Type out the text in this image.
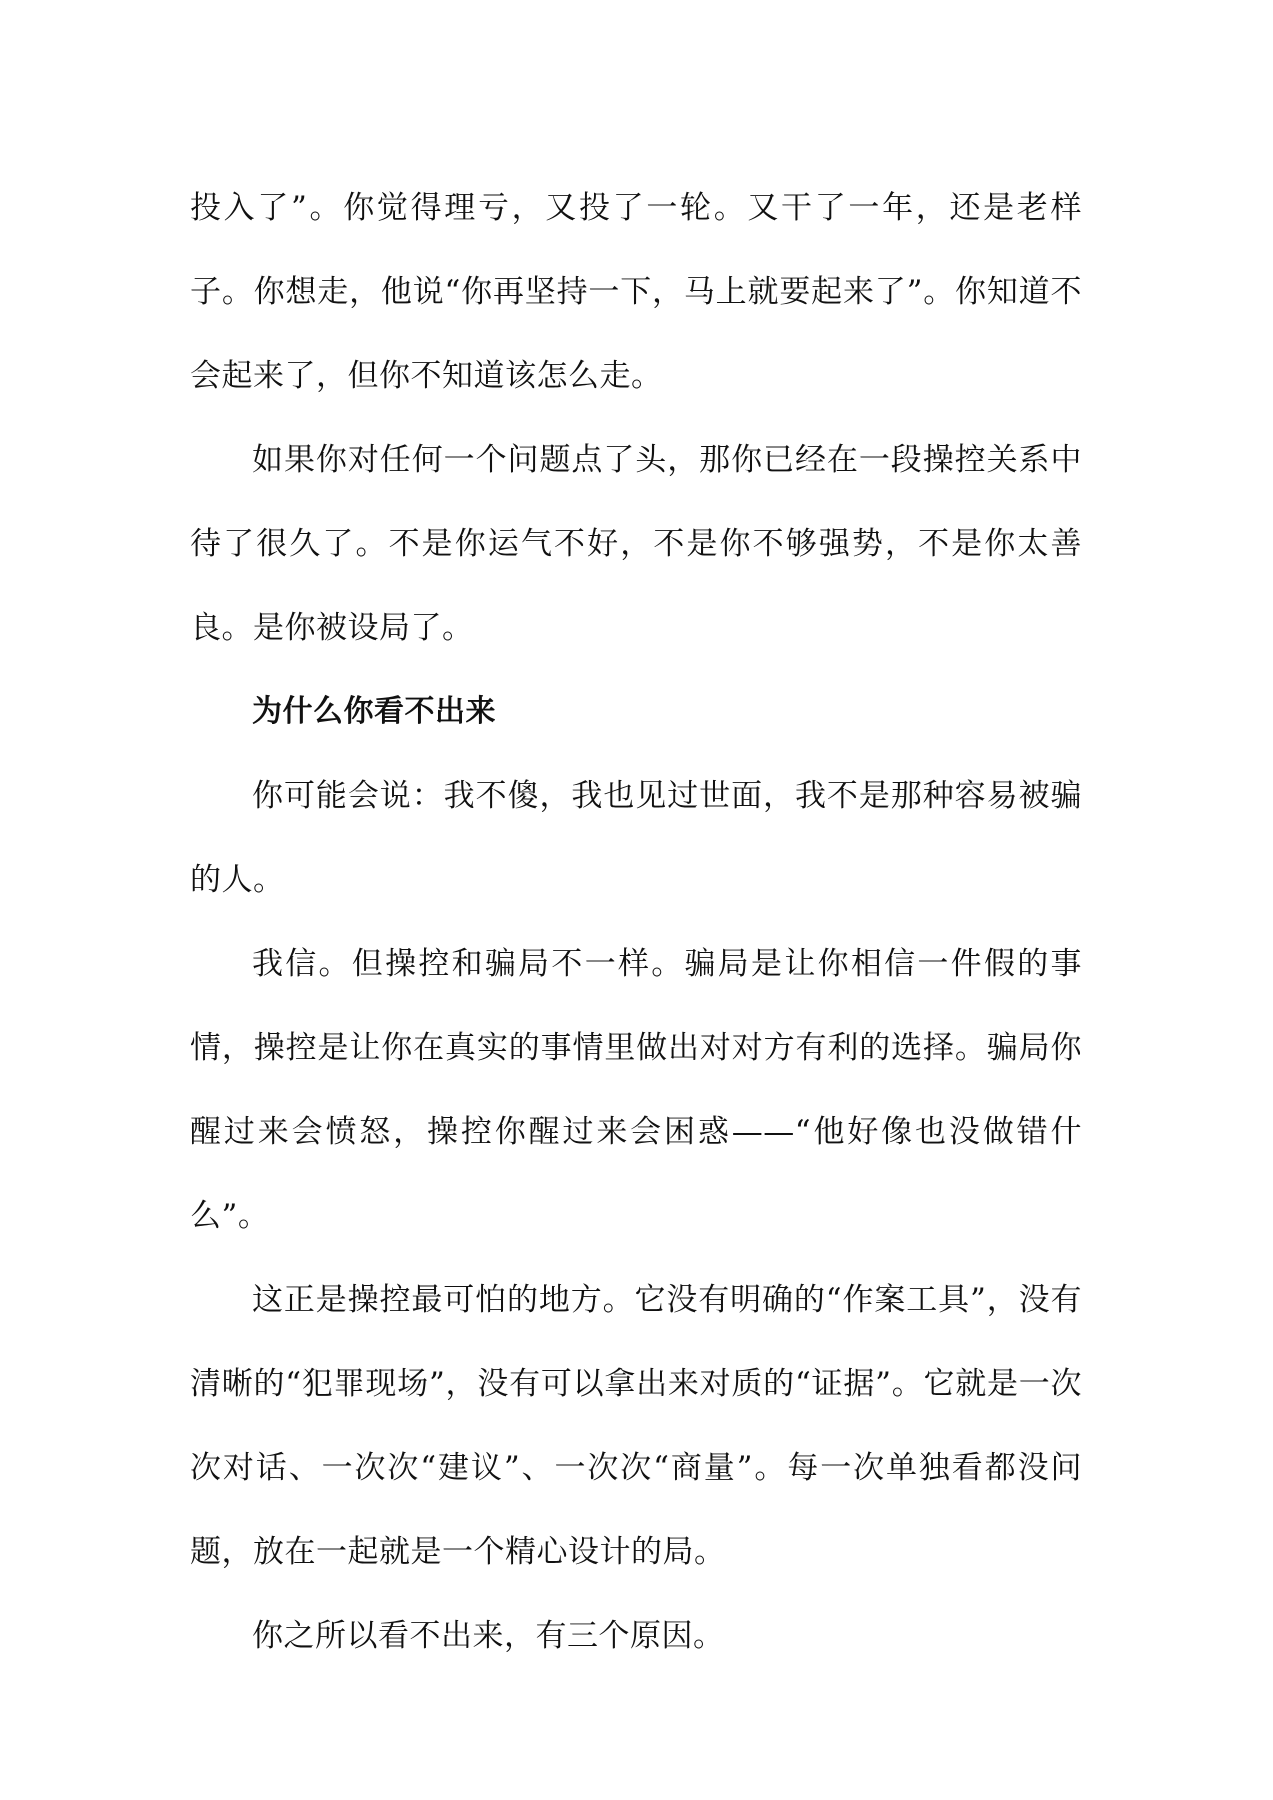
投入了”。你觉得理亏，又投了一轮。又干了一年，还是老样子。你想走，他说“你再坚持一下，马上就要起来了”。你知道不会起来了，但你不知道该怎么走。

如果你对任何一个问题点了头，那你已经在一段操控关系中待了很久了。不是你运气不好，不是你不够强势，不是你太善良。是你被设局了。

为什么你看不出来

你可能会说：我不傻，我也见过世面，我不是那种容易被骗的人。

我信。但操控和骗局不一样。骗局是让你相信一件假的事情，操控是让你在真实的事情里做出对对方有利的选择。骗局你醒过来会愤怒，操控你醒过来会困惑——“他好像也没做错什么”。

这正是操控最可怕的地方。它没有明确的“作案工具”，没有清晰的“犯罪现场”，没有可以拿出来对质的“证据”。它就是一次次对话、一次次“建议”、一次次“商量”。每一次单独看都没问题，放在一起就是一个精心设计的局。

你之所以看不出来，有三个原因。
